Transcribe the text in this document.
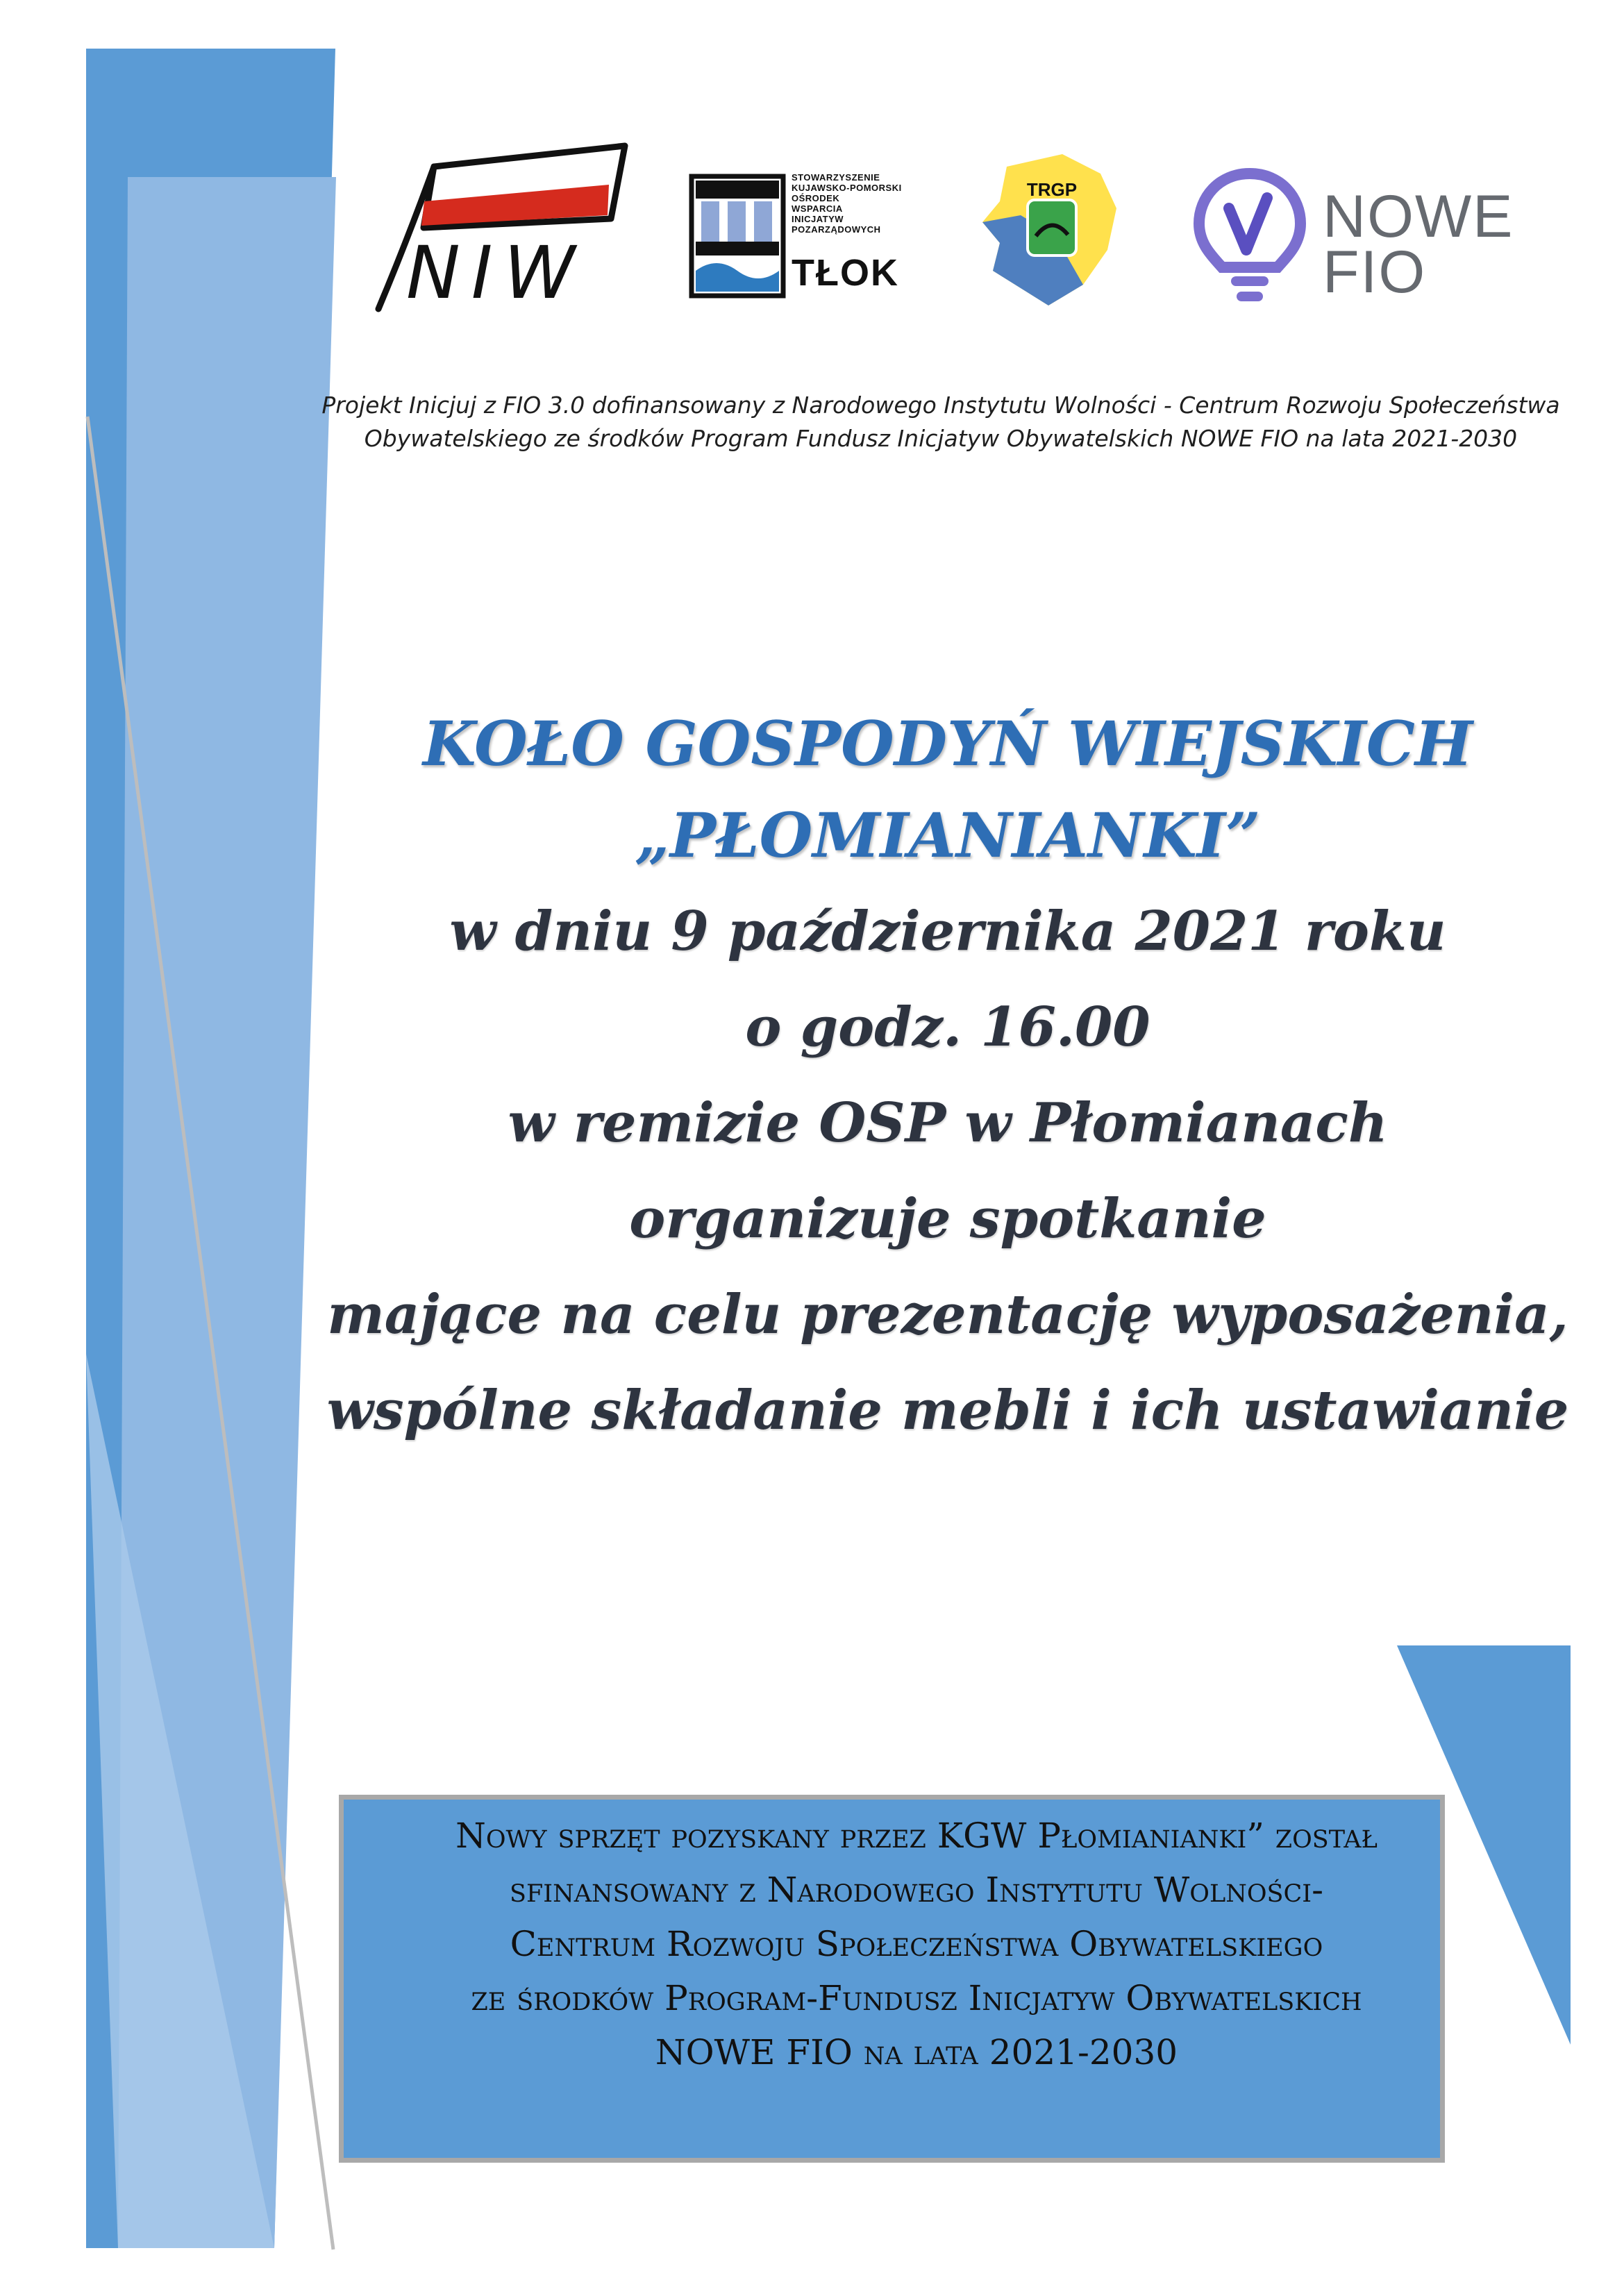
NIW
STOWARZYSZENIE
KUJAWSKO-POMORSKI
OŚRODEK
WSPARCIA
INICJATYW
POZARZĄDOWYCH
TŁOK
TRGP	NOWE
FIO
Projekt Inicjuj z FIO 3.0 dofinansowany z Narodowego Instytutu Wolności - Centrum Rozwoju Społeczeństwa
Obywatelskiego ze środków Program Fundusz Inicjatyw Obywatelskich NOWE FIO na lata 2021-2030
KOŁO GOSPODYŃ WIEJSKICH
„PŁOMIANIANKI”
w dniu 9 października 2021 roku
o godz. 16.00
w remizie OSP w Płomianach
organizuje spotkanie
mające na celu prezentację wyposażenia,
wspólne składanie mebli i ich ustawianie
Nowy sprzęt pozyskany przez KGW Płomianianki” został
sfinansowany z Narodowego Instytutu Wolności-
Centrum Rozwoju Społeczeństwa Obywatelskiego
ze środków Program-Fundusz Inicjatyw Obywatelskich
NOWE FIO na lata 2021-2030
